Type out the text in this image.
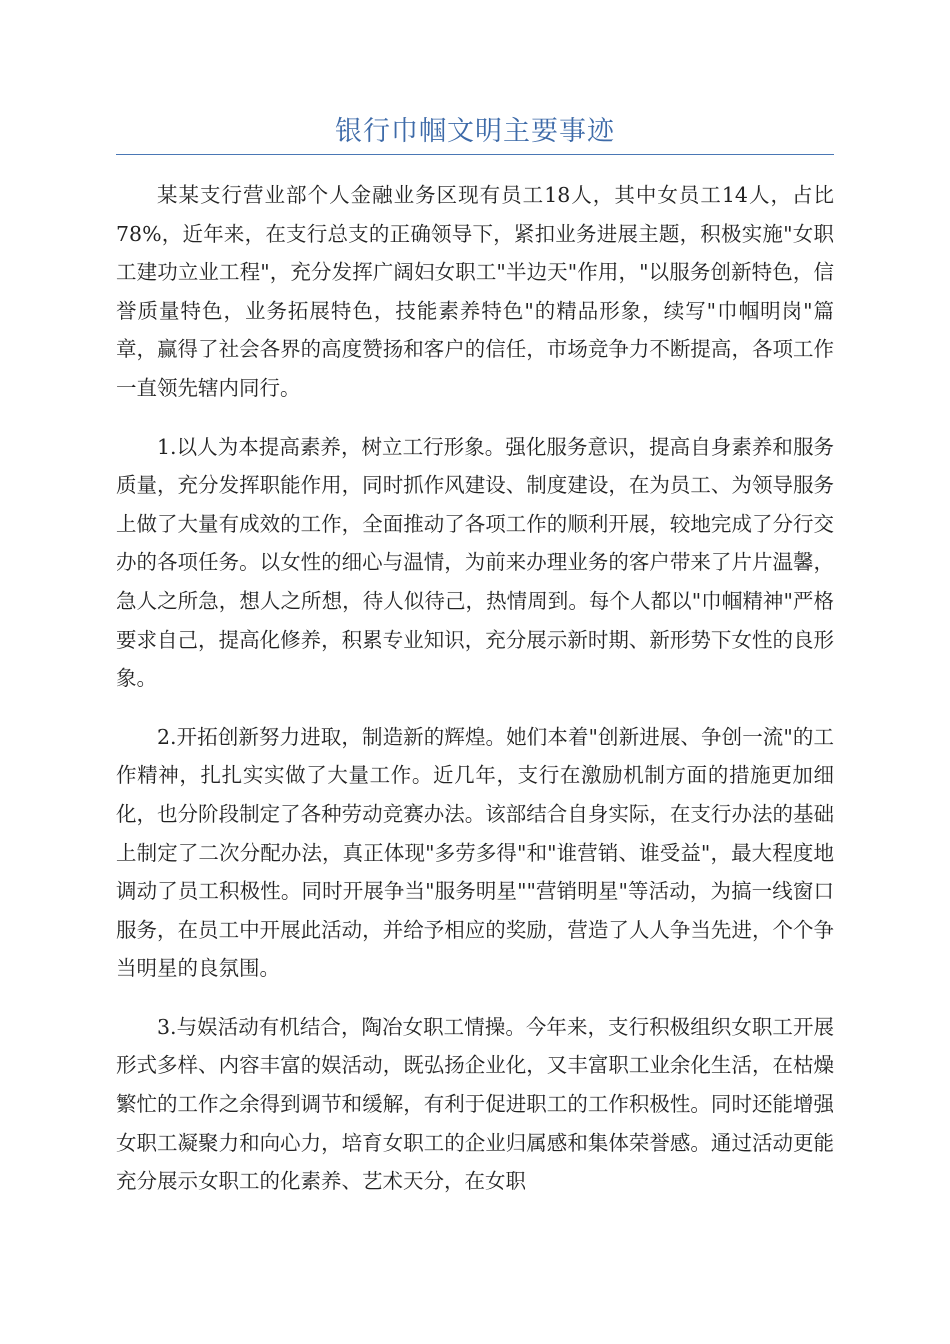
银行巾帼文明主要事迹

某某支行营业部个人金融业务区现有员工18人，其中女员工14人，占比78%，近年来，在支行总支的正确领导下，紧扣业务进展主题，积极实施"女职工建功立业工程"，充分发挥广阔妇女职工"半边天"作用，"以服务创新特色，信誉质量特色，业务拓展特色，技能素养特色"的精品形象，续写"巾帼明岗"篇章，赢得了社会各界的高度赞扬和客户的信任，市场竞争力不断提高，各项工作一直领先辖内同行。

1.以人为本提高素养，树立工行形象。强化服务意识，提高自身素养和服务质量，充分发挥职能作用，同时抓作风建设、制度建设，在为员工、为领导服务上做了大量有成效的工作，全面推动了各项工作的顺利开展，较地完成了分行交办的各项任务。以女性的细心与温情，为前来办理业务的客户带来了片片温馨，急人之所急，想人之所想，待人似待己，热情周到。每个人都以"巾帼精神"严格要求自己，提高化修养，积累专业知识，充分展示新时期、新形势下女性的良形象。

2.开拓创新努力进取，制造新的辉煌。她们本着"创新进展、争创一流"的工作精神，扎扎实实做了大量工作。近几年，支行在激励机制方面的措施更加细化，也分阶段制定了各种劳动竞赛办法。该部结合自身实际，在支行办法的基础上制定了二次分配办法，真正体现"多劳多得"和"谁营销、谁受益"，最大程度地调动了员工积极性。同时开展争当"服务明星""营销明星"等活动，为搞一线窗口服务，在员工中开展此活动，并给予相应的奖励，营造了人人争当先进，个个争当明星的良氛围。

3.与娱活动有机结合，陶冶女职工情操。今年来，支行积极组织女职工开展形式多样、内容丰富的娱活动，既弘扬企业化，又丰富职工业余化生活，在枯燥繁忙的工作之余得到调节和缓解，有利于促进职工的工作积极性。同时还能增强女职工凝聚力和向心力，培育女职工的企业归属感和集体荣誉感。通过活动更能充分展示女职工的化素养、艺术天分，在女职
